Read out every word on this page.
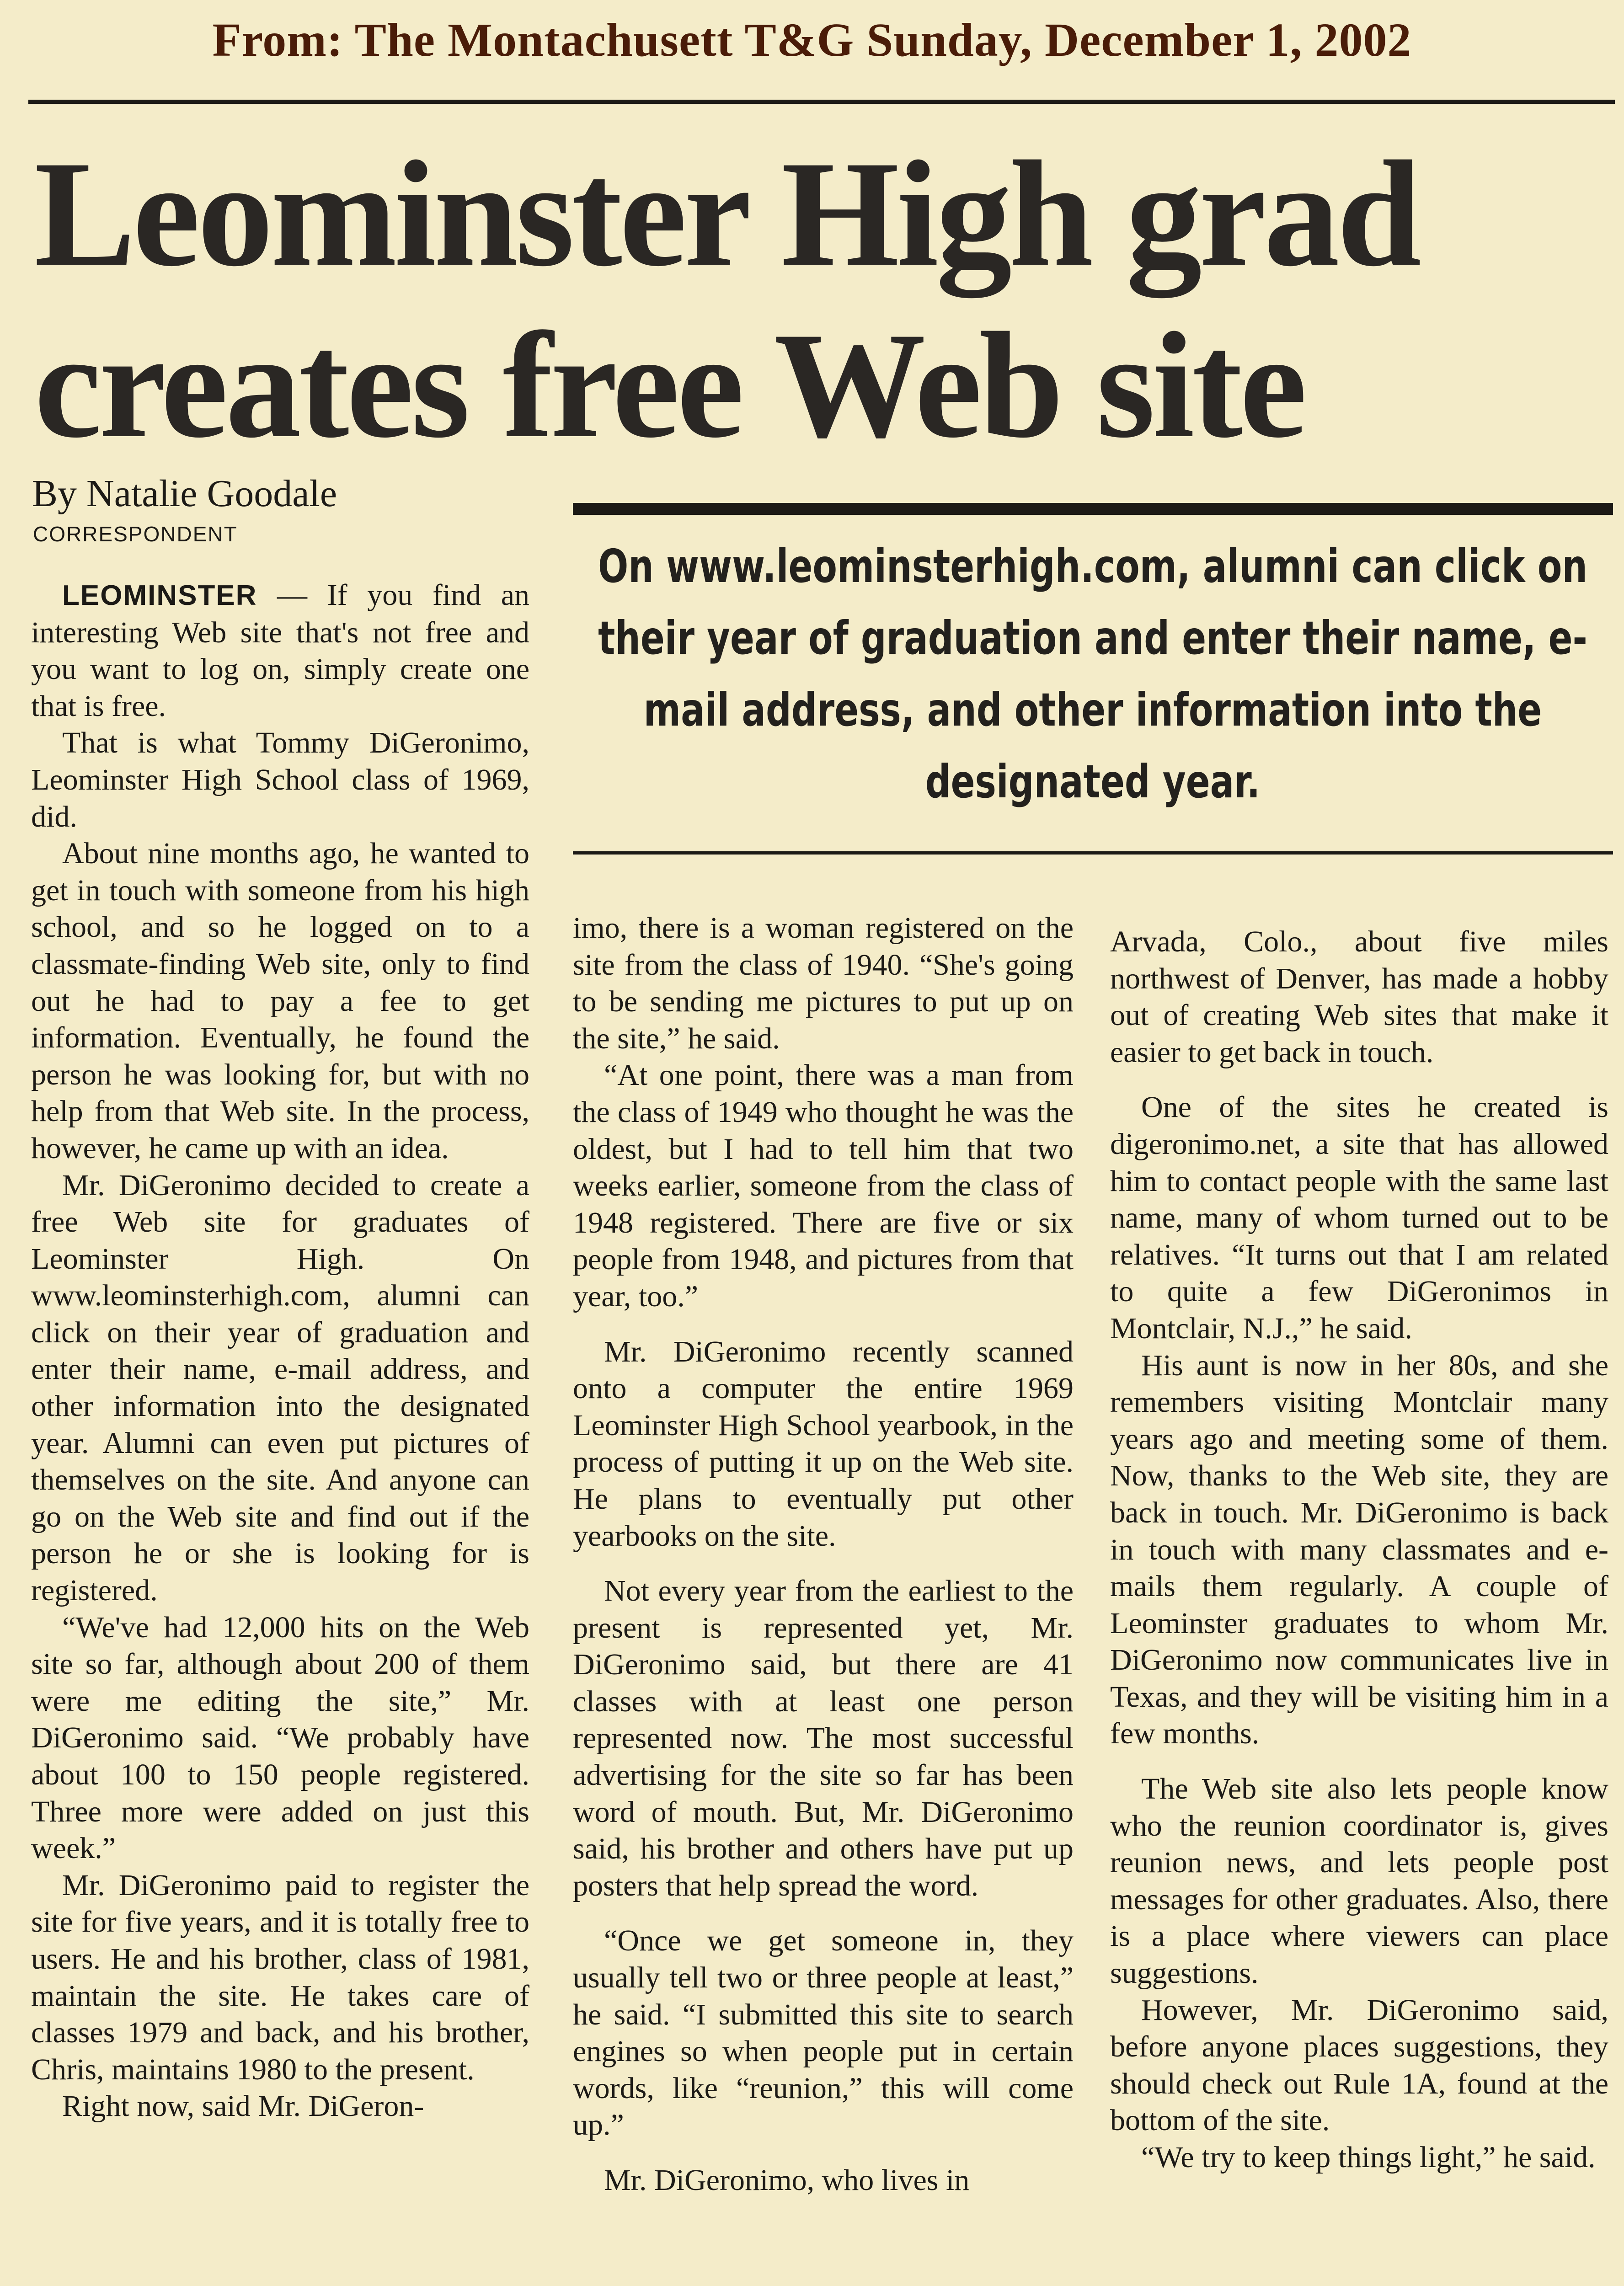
From: The Montachusett T&G Sunday, December 1, 2002
Leominster High grad
creates free Web site
By Natalie Goodale
CORRESPONDENT
On www.leominsterhigh.com, alumni can click on their year of graduation and enter their name, e-mail address, and other information into the designated year.

LEOMINSTER — If you find an interesting Web site that's not free and you want to log on, simply create one that is free.

That is what Tommy DiGeronimo, Leominster High School class of 1969, did.

About nine months ago, he wanted to get in touch with someone from his high school, and so he logged on to a classmate-finding Web site, only to find out he had to pay a fee to get information. Eventually, he found the person he was looking for, but with no help from that Web site. In the process, however, he came up with an idea.

Mr. DiGeronimo decided to create a free Web site for graduates of Leominster High. On www.leominsterhigh.com, alumni can click on their year of graduation and enter their name, e-mail address, and other information into the designated year. Alumni can even put pictures of themselves on the site. And anyone can go on the Web site and find out if the person he or she is looking for is registered.

“We've had 12,000 hits on the Web site so far, although about 200 of them were me editing the site,” Mr. DiGeronimo said. “We probably have about 100 to 150 people registered. Three more were added on just this week.”

Mr. DiGeronimo paid to register the site for five years, and it is totally free to users. He and his brother, class of 1981, maintain the site. He takes care of classes 1979 and back, and his brother, Chris, maintains 1980 to the present.

Right now, said Mr. DiGeron-

imo, there is a woman registered on the site from the class of 1940. “She's going to be sending me pictures to put up on the site,” he said.

“At one point, there was a man from the class of 1949 who thought he was the oldest, but I had to tell him that two weeks earlier, someone from the class of 1948 registered. There are five or six people from 1948, and pictures from that year, too.”

Mr. DiGeronimo recently scanned onto a computer the entire 1969 Leominster High School yearbook, in the process of putting it up on the Web site. He plans to eventually put other yearbooks on the site.

Not every year from the earliest to the present is represented yet, Mr. DiGeronimo said, but there are 41 classes with at least one person represented now. The most successful advertising for the site so far has been word of mouth. But, Mr. DiGeronimo said, his brother and others have put up posters that help spread the word.

“Once we get someone in, they usually tell two or three people at least,” he said. “I submitted this site to search engines so when people put in certain words, like “reunion,” this will come up.”

Mr. DiGeronimo, who lives in

Arvada, Colo., about five miles northwest of Denver, has made a hobby out of creating Web sites that make it easier to get back in touch.

One of the sites he created is digeronimo.net, a site that has allowed him to contact people with the same last name, many of whom turned out to be relatives. “It turns out that I am related to quite a few DiGeronimos in Montclair, N.J.,” he said.

His aunt is now in her 80s, and she remembers visiting Montclair many years ago and meeting some of them. Now, thanks to the Web site, they are back in touch. Mr. DiGeronimo is back in touch with many classmates and e-mails them regularly. A couple of Leominster graduates to whom Mr. DiGeronimo now communicates live in Texas, and they will be visiting him in a few months.

The Web site also lets people know who the reunion coordinator is, gives reunion news, and lets people post messages for other graduates. Also, there is a place where viewers can place suggestions.

However, Mr. DiGeronimo said, before anyone places suggestions, they should check out Rule 1A, found at the bottom of the site.

“We try to keep things light,” he said.
